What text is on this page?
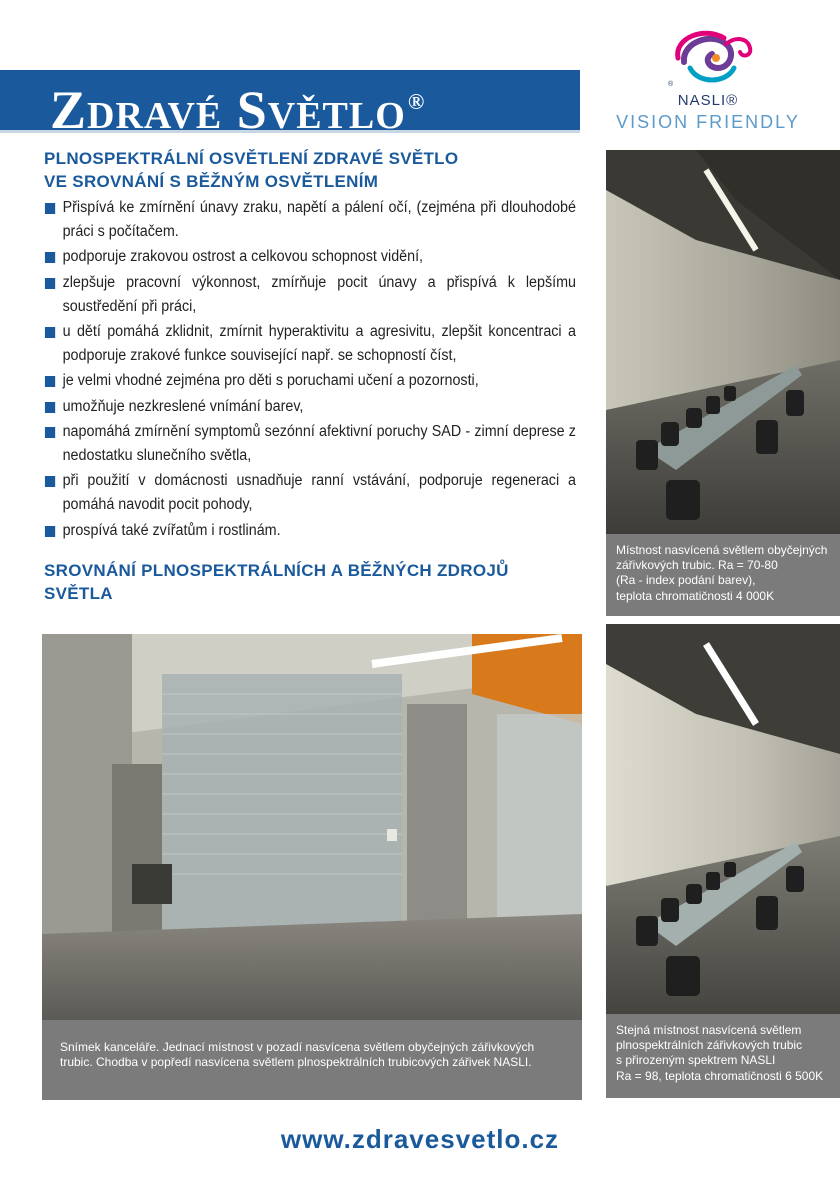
Zdravé Světlo®
®
NASLI®
VISION FRIENDLY
PLNOSPEKTRÁLNÍ OSVĚTLENÍ ZDRAVÉ SVĚTLO
VE SROVNÁNÍ S BĚŽNÝM OSVĚTLENÍM
Přispívá ke zmírnění únavy zraku, napětí a pálení očí, (zejména při dlouhodobé práci s počítačem.
podporuje zrakovou ostrost a celkovou schopnost vidění,
zlepšuje pracovní výkonnost, zmírňuje pocit únavy a přispívá k lepšímu soustředění při práci,
u dětí pomáhá zklidnit, zmírnit hyperaktivitu a agresivitu, zlepšit koncentraci a podporuje zrakové funkce související např. se schopností číst,
je velmi vhodné zejména pro děti s poruchami učení a pozornosti,
umožňuje nezkreslené vnímání barev,
napomáhá zmírnění symptomů sezónní afektivní poruchy SAD - zimní deprese z nedostatku slunečního světla,
při použití v domácnosti usnadňuje ranní vstávání, podporuje regeneraci a pomáhá navodit pocit pohody,
prospívá také zvířatům i rostlinám.
SROVNÁNÍ PLNOSPEKTRÁLNÍCH A BĚŽNÝCH ZDROJŮ
SVĚTLA
Místnost nasvícená světlem obyčejných
zářivkových trubic. Ra = 70-80
(Ra - index podání barev),
teplota chromatičnosti 4 000K
Snímek kanceláře. Jednací místnost v pozadí nasvícena světlem obyčejných zářivkových
trubic. Chodba v popředí nasvícena světlem plnospektrálních trubicových zářivek NASLI.
Stejná místnost nasvícená světlem
plnospektrálních zářivkových trubic
s přirozeným spektrem NASLI
Ra = 98, teplota chromatičnosti 6 500K
www.zdravesvetlo.cz
